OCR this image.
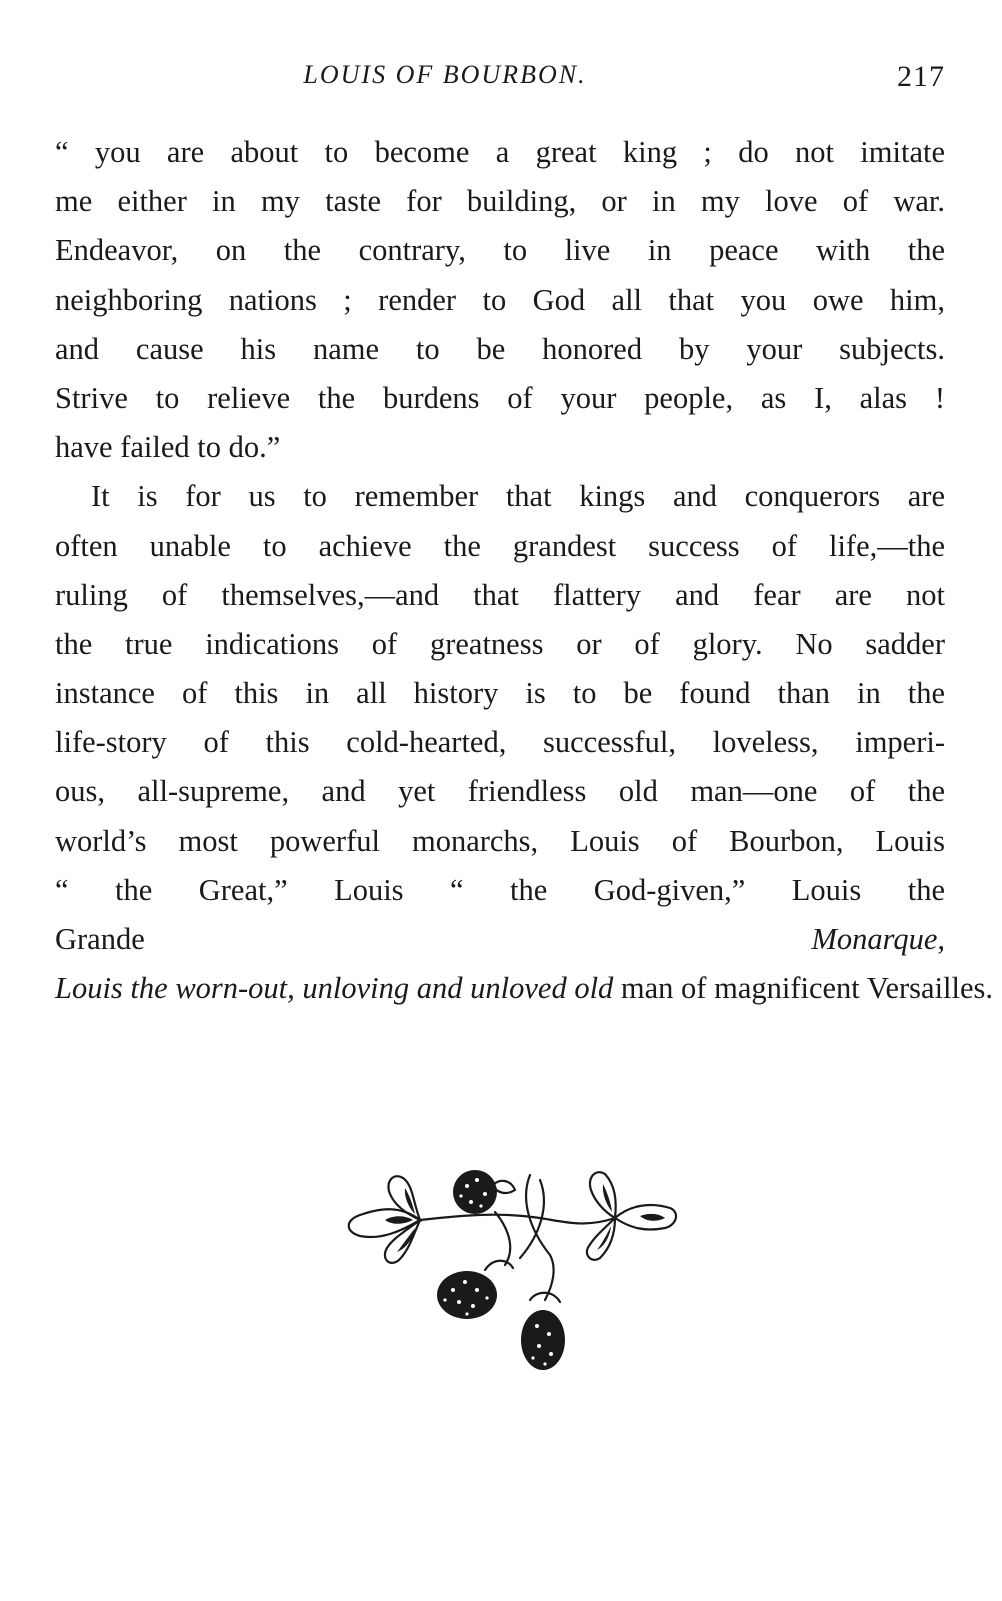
LOUIS OF BOURBON.	217
“ you are about to become a great king ; do not imitate
me either in my taste for building, or in my love of war.
Endeavor, on the contrary, to live in peace with the
neighboring nations ; render to God all that you owe him,
and cause his name to be honored by your subjects.
Strive to relieve the burdens of your people, as I, alas !
have failed to do.”
It is for us to remember that kings and conquerors are
often unable to achieve the grandest success of life,—the
ruling of themselves,—and that flattery and fear are not
the true indications of greatness or of glory. No sadder
instance of this in all history is to be found than in the
life-story of this cold-hearted, successful, loveless, imperi-
ous, all-supreme, and yet friendless old man—one of the
world’s most powerful monarchs, Louis of Bourbon, Louis
“ the Great,” Louis “ the God-given,” Louis the
Grande	Monarque,
Louis the worn-out, unloving and unloved old man of magnificent Versailles.
